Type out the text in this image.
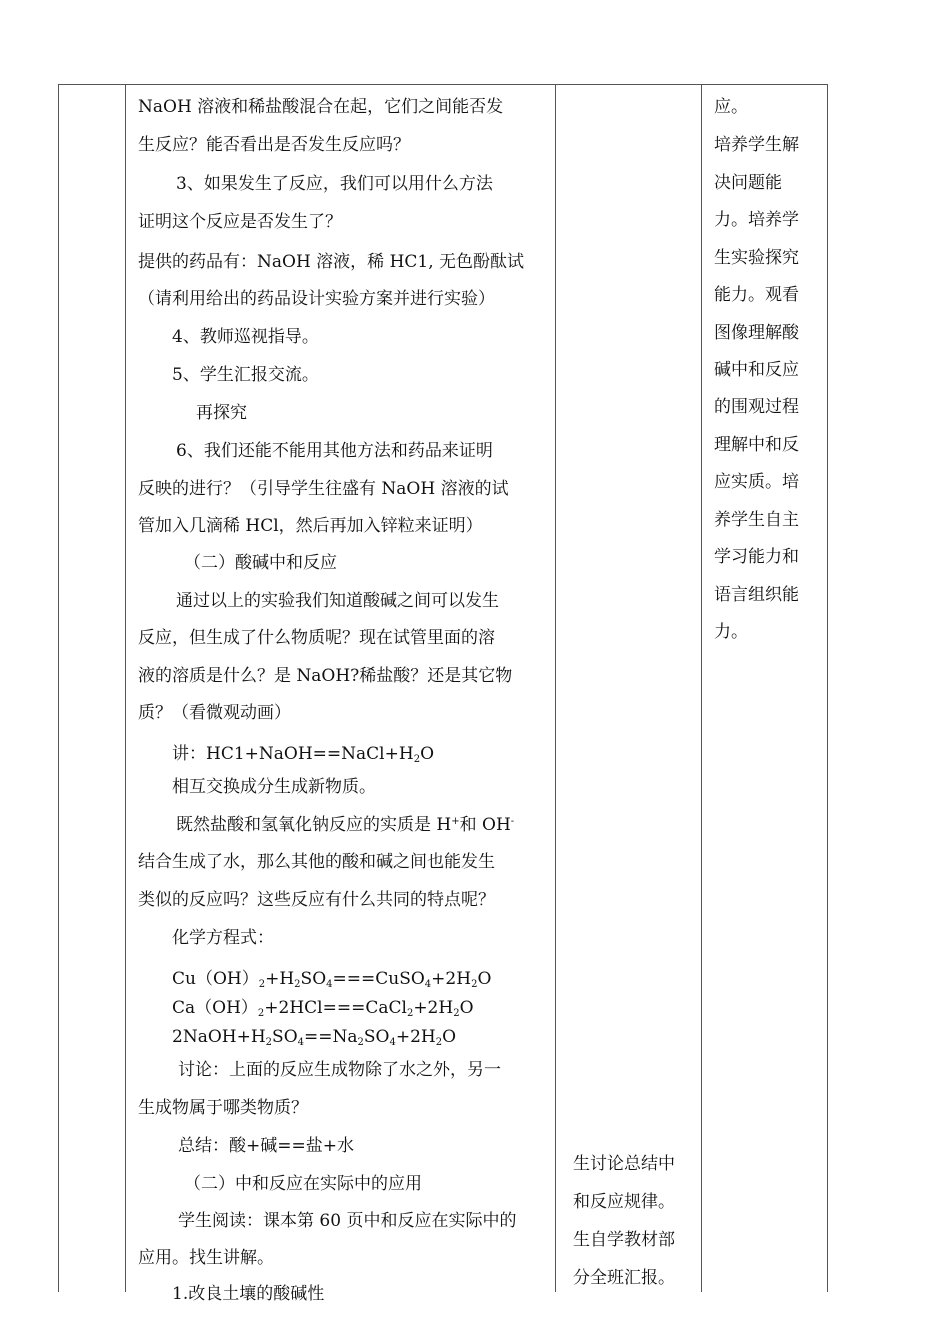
NaOH 溶液和稀盐酸混合在起，它们之间能否发
生反应？能否看出是否发生反应吗？
3、如果发生了反应，我们可以用什么方法
证明这个反应是否发生了？
提供的药品有：NaOH 溶液，稀 HC1, 无色酚酞试
（请利用给出的药品设计实验方案并进行实验）
4、教师巡视指导。
5、学生汇报交流。
再探究
6、我们还能不能用其他方法和药品来证明
反映的进行？（引导学生往盛有 NaOH 溶液的试
管加入几滴稀 HCl，然后再加入锌粒来证明）
（二）酸碱中和反应
通过以上的实验我们知道酸碱之间可以发生
反应，但生成了什么物质呢？现在试管里面的溶
液的溶质是什么？是 NaOH?稀盐酸？还是其它物
质？（看微观动画）
讲：$HC1+NaOH==NaCl+H_2O$
相互交换成分生成新物质。
既然盐酸和氢氧化钠反应的实质是 H+和 OH-
结合生成了水，那么其他的酸和碱之间也能发生
类似的反应吗？这些反应有什么共同的特点呢？
化学方程式：
$Cu(OH)_2+H_2SO_4===CuSO_4+2H_2O$
$Ca(OH)_2+2HCl===CaCl_2+2H_2O$
$2NaOH+H_2SO_4==Na_2SO_4+2H_2O$
讨论：上面的反应生成物除了水之外，另一
生成物属于哪类物质？
总结：酸+碱==盐+水
（二）中和反应在实际中的应用
学生阅读：课本第 60 页中和反应在实际中的
应用。找生讲解。
1.改良土壤的酸碱性
生讨论总结中
和反应规律。
生自学教材部
分全班汇报。
应。
培养学生解
决问题能
力。培养学
生实验探究
能力。观看
图像理解酸
碱中和反应
的围观过程
理解中和反
应实质。培
养学生自主
学习能力和
语言组织能
力。
